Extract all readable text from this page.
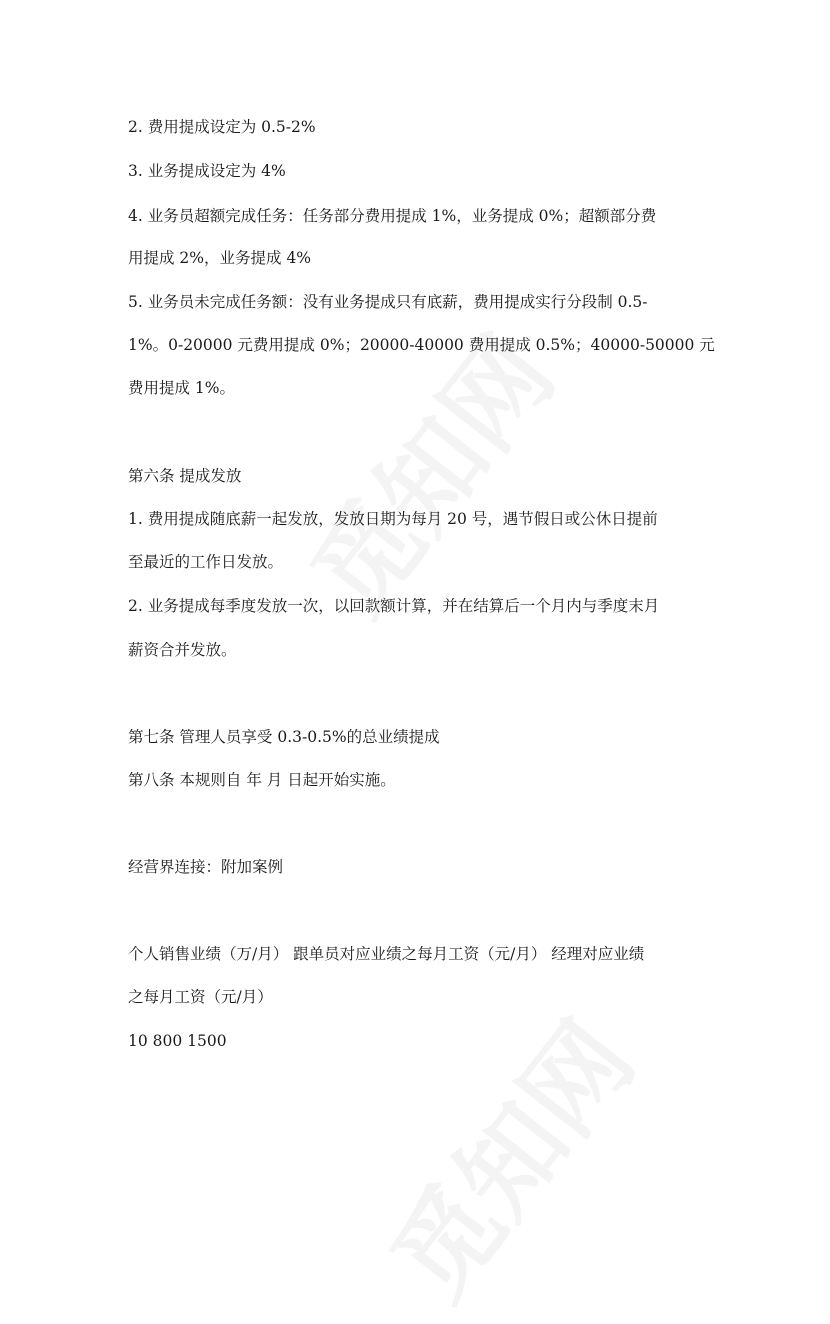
2. 费用提成设定为 0.5-2%
3. 业务提成设定为 4%
4. 业务员超额完成任务：任务部分费用提成 1%，业务提成 0%；超额部分费
用提成 2%，业务提成 4%
5. 业务员未完成任务额：没有业务提成只有底薪，费用提成实行分段制 0.5-
1%。0-20000 元费用提成 0%；20000-40000 费用提成 0.5%；40000-50000 元
费用提成 1%。
第六条 提成发放
1. 费用提成随底薪一起发放，发放日期为每月 20 号，遇节假日或公休日提前
至最近的工作日发放。
2. 业务提成每季度发放一次，以回款额计算，并在结算后一个月内与季度末月
薪资合并发放。
第七条 管理人员享受 0.3-0.5%的总业绩提成
第八条 本规则自 年 月 日起开始实施。
经营界连接：附加案例
个人销售业绩（万/月） 跟单员对应业绩之每月工资（元/月） 经理对应业绩
之每月工资（元/月）
10 800 1500
